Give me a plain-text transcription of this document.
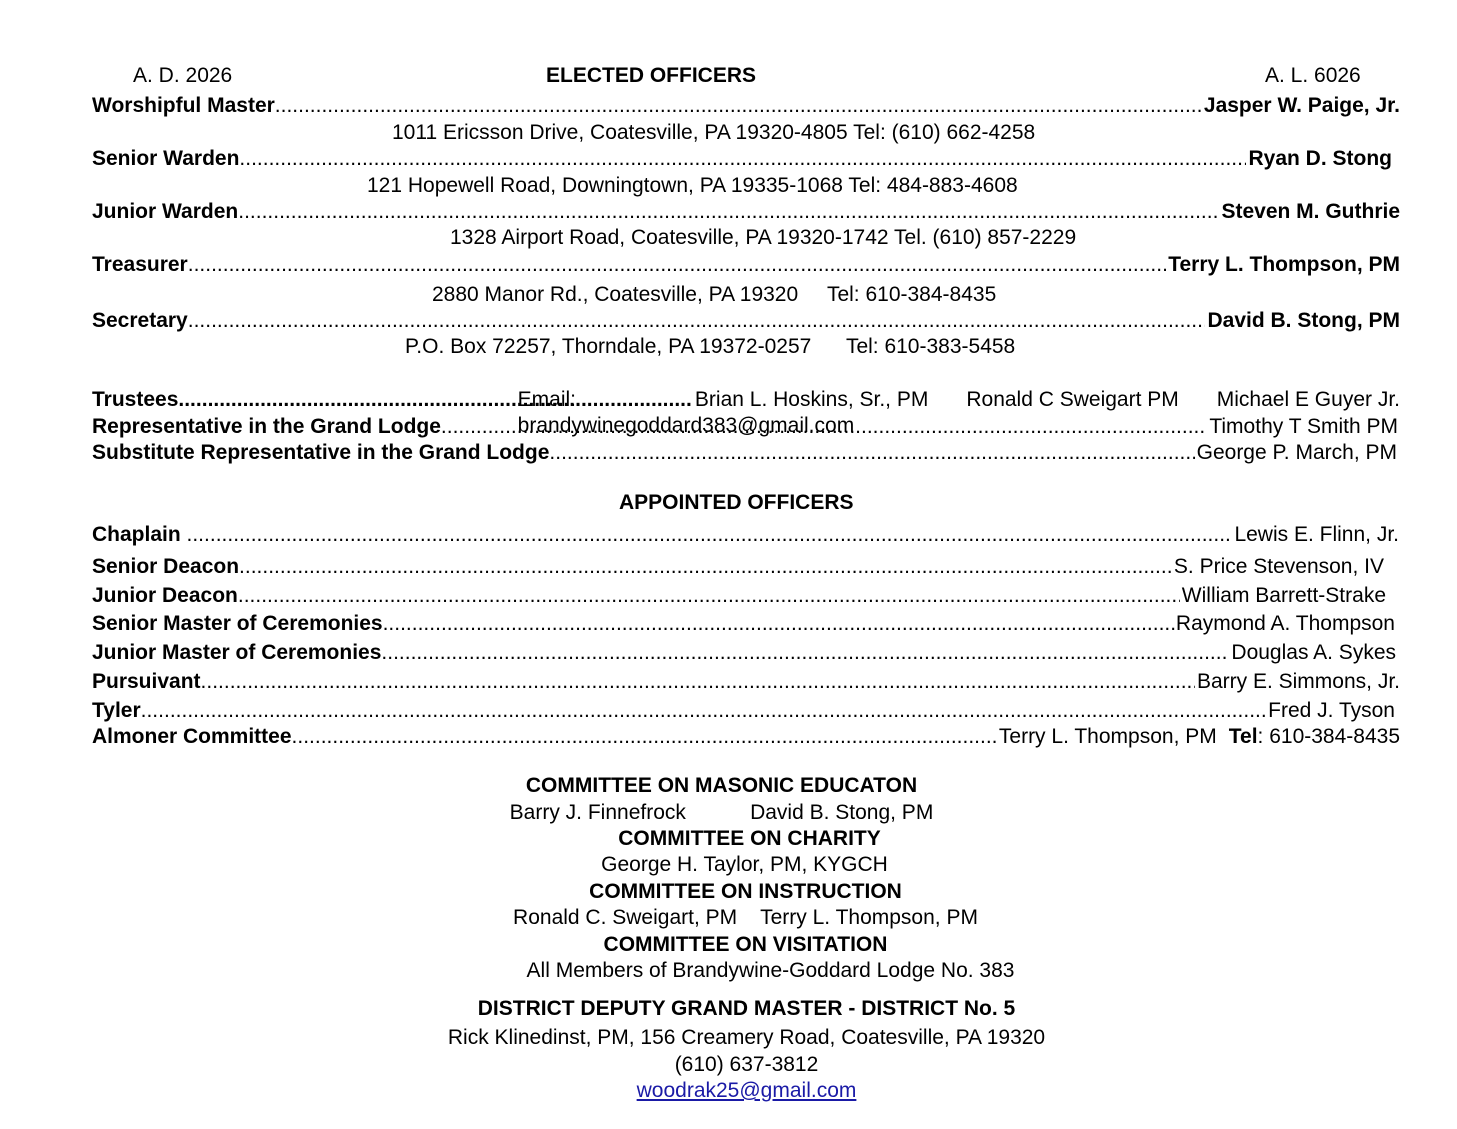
A. D. 2026	ELECTED OFFICERS	A. L. 6026
Worshipful Master .....	Jasper W. Paige, Jr.
1011 Ericsson Drive, Coatesville, PA 19320-4805 Tel: (610) 662-4258
Senior Warden .....	Ryan D. Stong
121 Hopewell Road, Downingtown, PA 19335-1068 Tel: 484-883-4608
Junior Warden .....	Steven M. Guthrie
1328 Airport Road, Coatesville, PA 19320-1742 Tel. (610) 857-2229
Treasurer .....	Terry L. Thompson, PM
2880 Manor Rd., Coatesville, PA 19320     Tel: 610-384-8435
Secretary .....	David B. Stong, PM
P.O. Box 72257, Thorndale, PA 19372-0257      Tel: 610-383-5458

Email:
brandywinegoddard383@gmail.com

Trustees .....	Brian L. Hoskins, Sr., PM Ronald C Sweigart PM Michael E Guyer Jr.
Representative in the Grand Lodge .....	Timothy T Smith PM
Substitute Representative in the Grand Lodge .....	George P. March, PM
APPOINTED OFFICERS
Chaplain .....	Lewis E. Flinn, Jr.
Senior Deacon .....	S. Price Stevenson, IV
Junior Deacon .....	William Barrett-Strake
Senior Master of Ceremonies .....	Raymond A. Thompson
Junior Master of Ceremonies .....	Douglas A. Sykes
Pursuivant .....	Barry E. Simmons, Jr.
Tyler .....	Fred J. Tyson
Almoner Committee .....	Terry L. Thompson, PM Tel: 610-384-8435
COMMITTEE ON MASONIC EDUCATON
Barry J. Finnefrock           David B. Stong, PM
COMMITTEE ON CHARITY
George H. Taylor, PM, KYGCH
COMMITTEE ON INSTRUCTION
Ronald C. Sweigart, PM    Terry L. Thompson, PM
COMMITTEE ON VISITATION
All Members of Brandywine-Goddard Lodge No. 383
DISTRICT DEPUTY GRAND MASTER - DISTRICT No. 5
Rick Klinedinst, PM, 156 Creamery Road, Coatesville, PA 19320
(610) 637-3812
woodrak25@gmail.com
